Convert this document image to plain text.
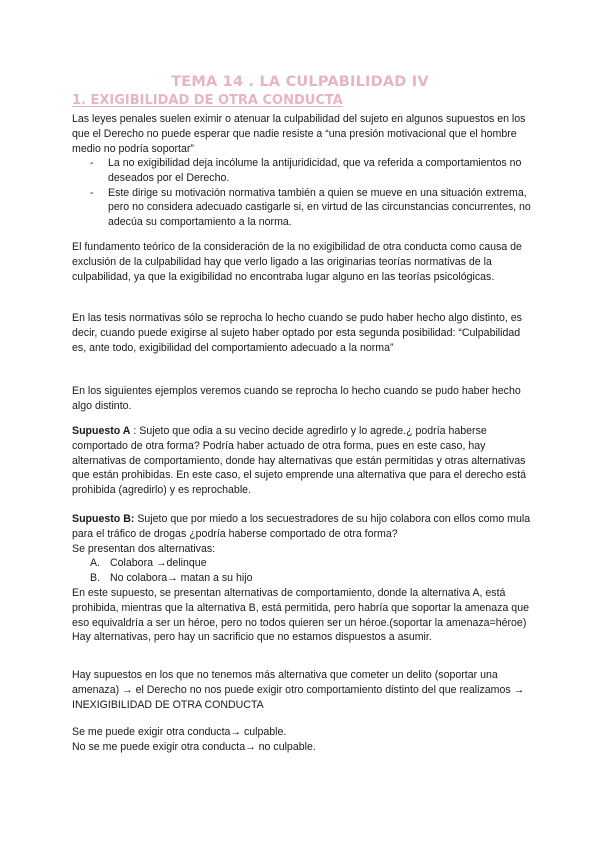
TEMA 14 . LA CULPABILIDAD IV
1. EXIGIBILIDAD DE OTRA CONDUCTA

Las leyes penales suelen eximir o atenuar la culpabilidad del sujeto en algunos supuestos en los que el Derecho no puede esperar que nadie resiste a “una presión motivacional que el hombre medio no podría soportar”

- La no exigibilidad deja incólume la antijuridicidad, que va referida a comportamientos no deseados por el Derecho.
- Este dirige su motivación normativa también a quien se mueve en una situación extrema, pero no considera adecuado castigarle si, en virtud de las circunstancias concurrentes, no adecúa su comportamiento a la norma.

El fundamento teórico de la consideración de la no exigibilidad de otra conducta como causa de exclusión de la culpabilidad hay que verlo ligado a las originarias teorías normativas de la culpabilidad, ya que la exigibilidad no encontraba lugar alguno en las teorías psicológicas.

En las tesis normativas sólo se reprocha lo hecho cuando se pudo haber hecho algo distinto, es decir, cuando puede exigirse al sujeto haber optado por esta segunda posibilidad: “Culpabilidad es, ante todo, exigibilidad del comportamiento adecuado a la norma”

En los siguientes ejemplos veremos cuando se reprocha lo hecho cuando se pudo haber hecho algo distinto.

Supuesto A : Sujeto que odia a su vecino decide agredirlo y lo agrede.¿ podría haberse comportado de otra forma? Podría haber actuado de otra forma, pues en este caso, hay alternativas de comportamiento, donde hay alternativas que están permitidas y otras alternativas que están prohibidas. En este caso, el sujeto emprende una alternativa que para el derecho está prohibida (agredirlo) y es reprochable.

Supuesto B: Sujeto que por miedo a los secuestradores de su hijo colabora con ellos como mula para el tráfico de drogas ¿podría haberse comportado de otra forma?

Se presentan dos alternativas:

A. Colabora →delinque
B. No colabora→ matan a su hijo

En este supuesto, se presentan alternativas de comportamiento, donde la alternativa A, está prohibida, mientras que la alternativa B, está permitida, pero habría que soportar la amenaza que eso equivaldría a ser un héroe, pero no todos quieren ser un héroe.(soportar la amenaza=héroe) Hay alternativas, pero hay un sacrificio que no estamos dispuestos a asumir.

Hay supuestos en los que no tenemos más alternativa que cometer un delito (soportar una amenaza) → el Derecho no nos puede exigir otro comportamiento distinto del que realizamos → INEXIGIBILIDAD DE OTRA CONDUCTA

Se me puede exigir otra conducta→ culpable.

No se me puede exigir otra conducta→ no culpable.
